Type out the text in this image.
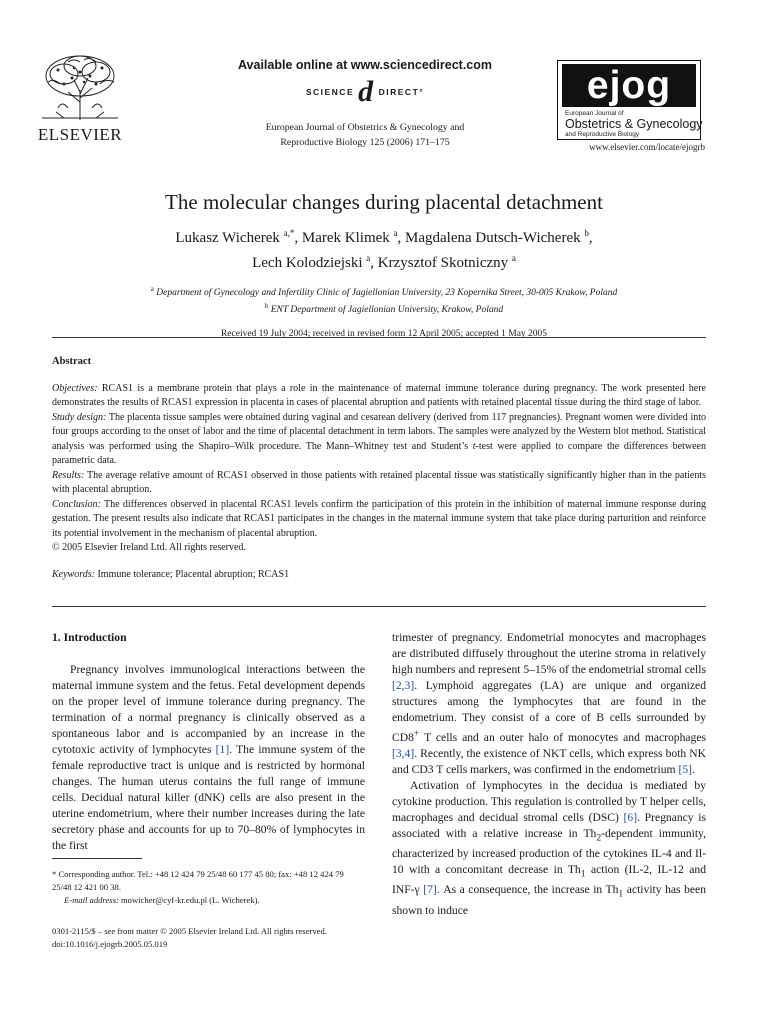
ELSEVIER
Available online at www.sciencedirect.com
SCIENCE d DIRECT°
European Journal of Obstetrics & Gynecology and Reproductive Biology 125 (2006) 171–175
ejog
European Journal of
Obstetrics & Gynecology
and Reproductive Biology
www.elsevier.com/locate/ejogrb
The molecular changes during placental detachment
Lukasz Wicherek $^{a,*}$, Marek Klimek $^a$, Magdalena Dutsch-Wicherek $^b$,
Lech Kolodziejski $^a$, Krzysztof Skotniczny $^a$
$^a$ Department of Gynecology and Infertility Clinic of Jagiellonian University, 23 Kopernika Street, 30-005 Krakow, Poland
$^b$ ENT Department of Jagiellonian University, Krakow, Poland
Received 19 July 2004; received in revised form 12 April 2005; accepted 1 May 2005
Abstract
Objectives: RCAS1 is a membrane protein that plays a role in the maintenance of maternal immune tolerance during pregnancy. The work presented here demonstrates the results of RCAS1 expression in placenta in cases of placental abruption and patients with retained placental tissue during the third stage of labor.
Study design: The placenta tissue samples were obtained during vaginal and cesarean delivery (derived from 117 pregnancies). Pregnant women were divided into four groups according to the onset of labor and the time of placental detachment in term labors. The samples were analyzed by the Western blot method. Statistical analysis was performed using the Shapiro–Wilk procedure. The Mann–Whitney test and Student’s t-test were applied to compare the differences between parametric data.
Results: The average relative amount of RCAS1 observed in those patients with retained placental tissue was statistically significantly higher than in the patients with placental abruption.
Conclusion: The differences observed in placental RCAS1 levels confirm the participation of this protein in the inhibition of maternal immune response during gestation. The present results also indicate that RCAS1 participates in the changes in the maternal immune system that take place during parturition and reinforce its potential involvement in the mechanism of placental abruption.
© 2005 Elsevier Ireland Ltd. All rights reserved.
Keywords: Immune tolerance; Placental abruption; RCAS1
1. Introduction
Pregnancy involves immunological interactions between the maternal immune system and the fetus. Fetal development depends on the proper level of immune tolerance during pregnancy. The termination of a normal pregnancy is clinically observed as a spontaneous labor and is accompanied by an increase in the cytotoxic activity of lymphocytes [1]. The immune system of the female reproductive tract is unique and is restricted by hormonal changes. The human uterus contains the full range of immune cells. Decidual natural killer (dNK) cells are also present in the uterine endometrium, where their number increases during the late secretory phase and accounts for up to 70–80% of lymphocytes in the first
trimester of pregnancy. Endometrial monocytes and macrophages are distributed diffusely throughout the uterine stroma in relatively high numbers and represent 5–15% of the endometrial stromal cells [2,3]. Lymphoid aggregates (LA) are unique and organized structures among the lymphocytes that are found in the endometrium. They consist of a core of B cells surrounded by CD8+ T cells and an outer halo of monocytes and macrophages [3,4]. Recently, the existence of NKT cells, which express both NK and CD3 T cells markers, was confirmed in the endometrium [5].
Activation of lymphocytes in the decidua is mediated by cytokine production. This regulation is controlled by T helper cells, macrophages and decidual stromal cells (DSC) [6]. Pregnancy is associated with a relative increase in $Th_2$-dependent immunity, characterized by increased production of the cytokines IL-4 and Il-10 with a concomitant decrease in $Th_1$ action (IL-2, IL-12 and INF-γ [7]. As a consequence, the increase in $Th_1$ activity has been shown to induce
* Corresponding author. Tel.: +48 12 424 79 25/48 60 177 45 80; fax: +48 12 424 79 25/48 12 421 00 38.
E-mail address: mowicher@cyf-kr.edu.pl (L. Wicherek).
0301-2115/$ – see front matter © 2005 Elsevier Ireland Ltd. All rights reserved.
doi:10.1016/j.ejogrb.2005.05.019
